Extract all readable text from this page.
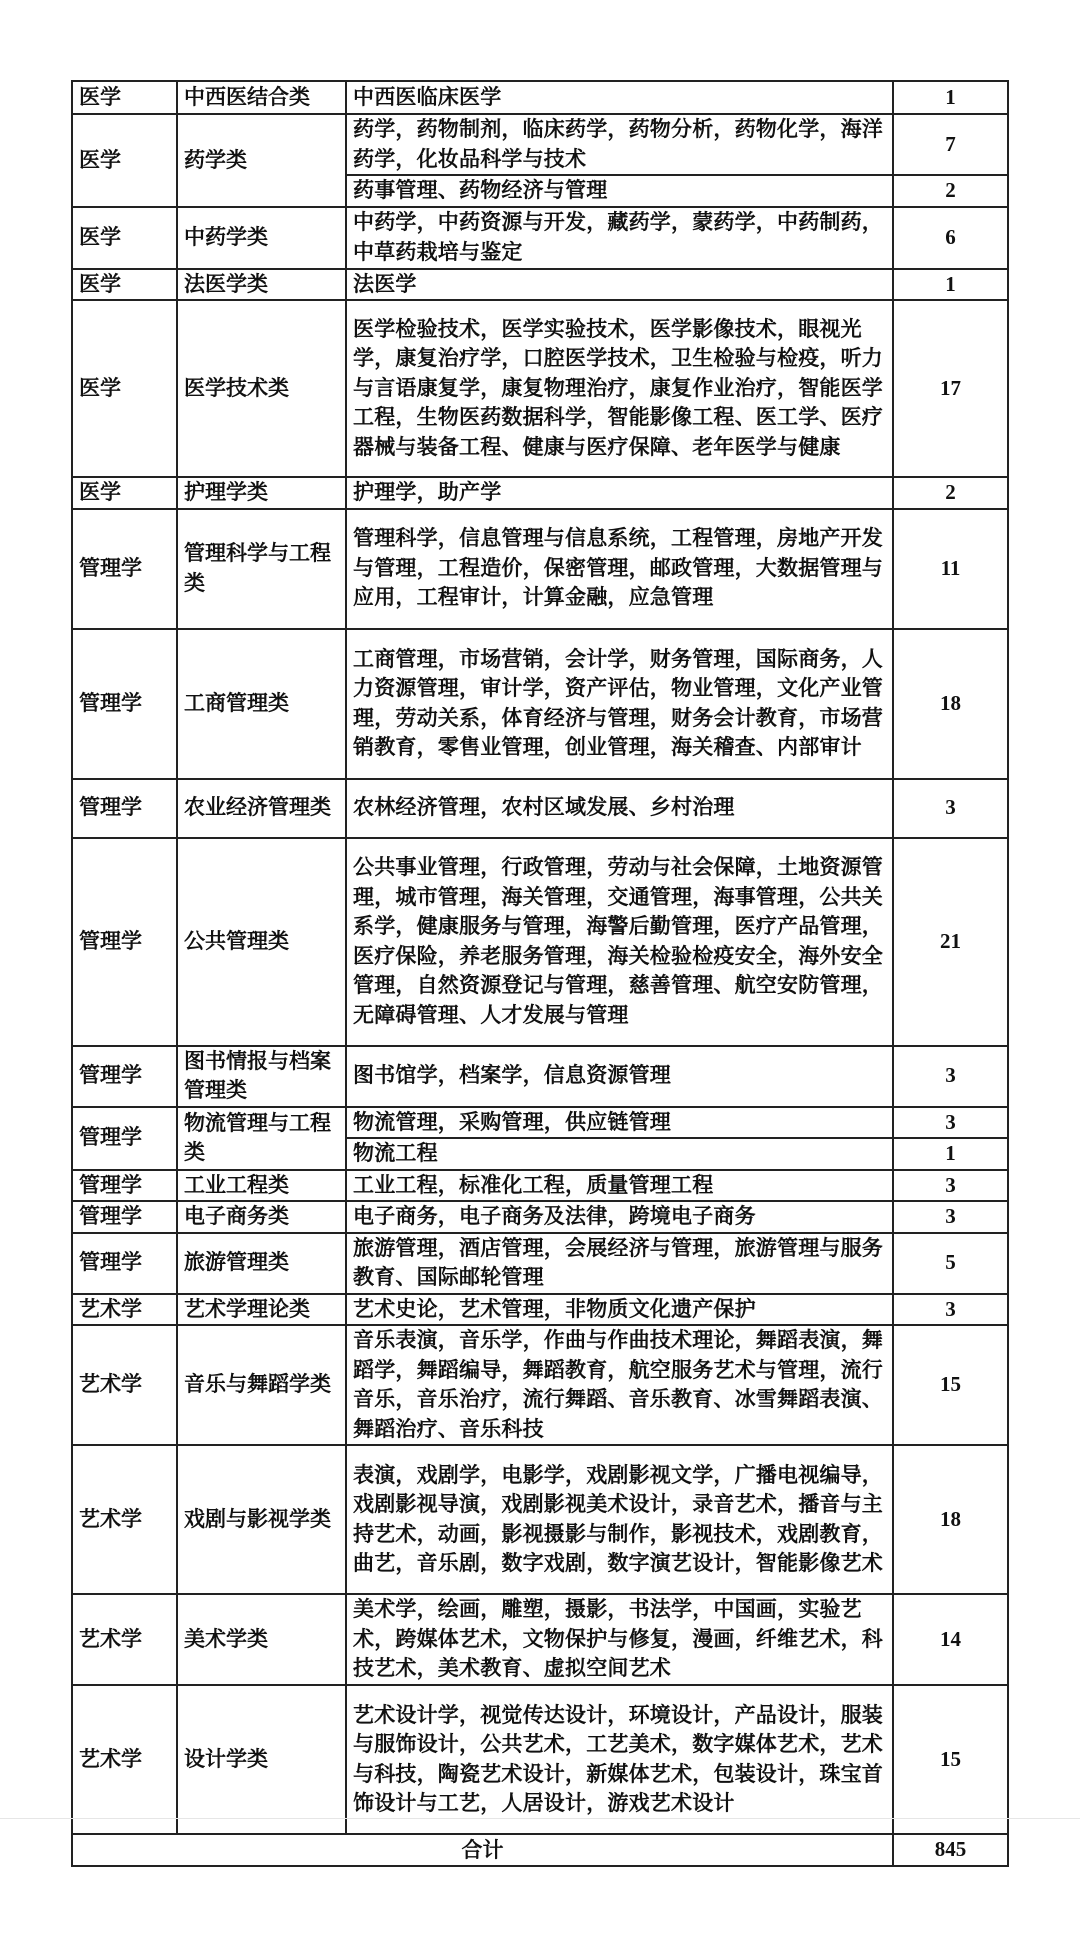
医学	中西医结合类	中西医临床医学	1
医学	药学类	药学，药物制剂，临床药学，药物分析，药物化学，海洋药学，化妆品科学与技术	7
		药事管理、药物经济与管理	2
医学	中药学类	中药学，中药资源与开发，藏药学，蒙药学，中药制药，中草药栽培与鉴定	6
医学	法医学类	法医学	1
医学	医学技术类	医学检验技术，医学实验技术，医学影像技术，眼视光学，康复治疗学，口腔医学技术，卫生检验与检疫，听力与言语康复学，康复物理治疗，康复作业治疗，智能医学工程，生物医药数据科学，智能影像工程、医工学、医疗器械与装备工程、健康与医疗保障、老年医学与健康	17
医学	护理学类	护理学，助产学	2
管理学	管理科学与工程类	管理科学，信息管理与信息系统，工程管理，房地产开发与管理，工程造价，保密管理，邮政管理，大数据管理与应用，工程审计，计算金融，应急管理	11
管理学	工商管理类	工商管理，市场营销，会计学，财务管理，国际商务，人力资源管理，审计学，资产评估，物业管理，文化产业管理，劳动关系，体育经济与管理，财务会计教育，市场营销教育，零售业管理，创业管理，海关稽查、内部审计	18
管理学	农业经济管理类	农林经济管理，农村区域发展、乡村治理	3
管理学	公共管理类	公共事业管理，行政管理，劳动与社会保障，土地资源管理，城市管理，海关管理，交通管理，海事管理，公共关系学，健康服务与管理，海警后勤管理，医疗产品管理，医疗保险，养老服务管理，海关检验检疫安全，海外安全管理，自然资源登记与管理，慈善管理、航空安防管理，无障碍管理、人才发展与管理	21
管理学	图书情报与档案管理类	图书馆学，档案学，信息资源管理	3
管理学	物流管理与工程类	物流管理，采购管理，供应链管理	3
		物流工程	1
管理学	工业工程类	工业工程，标准化工程，质量管理工程	3
管理学	电子商务类	电子商务，电子商务及法律，跨境电子商务	3
管理学	旅游管理类	旅游管理，酒店管理，会展经济与管理，旅游管理与服务教育、国际邮轮管理	5
艺术学	艺术学理论类	艺术史论，艺术管理，非物质文化遗产保护	3
艺术学	音乐与舞蹈学类	音乐表演，音乐学，作曲与作曲技术理论，舞蹈表演，舞蹈学，舞蹈编导，舞蹈教育，航空服务艺术与管理，流行音乐，音乐治疗，流行舞蹈、音乐教育、冰雪舞蹈表演、舞蹈治疗、音乐科技	15
艺术学	戏剧与影视学类	表演，戏剧学，电影学，戏剧影视文学，广播电视编导，戏剧影视导演，戏剧影视美术设计，录音艺术，播音与主持艺术，动画，影视摄影与制作，影视技术，戏剧教育，曲艺，音乐剧，数字戏剧，数字演艺设计，智能影像艺术	18
艺术学	美术学类	美术学，绘画，雕塑，摄影，书法学，中国画，实验艺术，跨媒体艺术，文物保护与修复，漫画，纤维艺术，科技艺术，美术教育、虚拟空间艺术	14
艺术学	设计学类	艺术设计学，视觉传达设计，环境设计，产品设计，服装与服饰设计，公共艺术，工艺美术，数字媒体艺术，艺术与科技，陶瓷艺术设计，新媒体艺术，包装设计，珠宝首饰设计与工艺，人居设计，游戏艺术设计	15
合计			845
